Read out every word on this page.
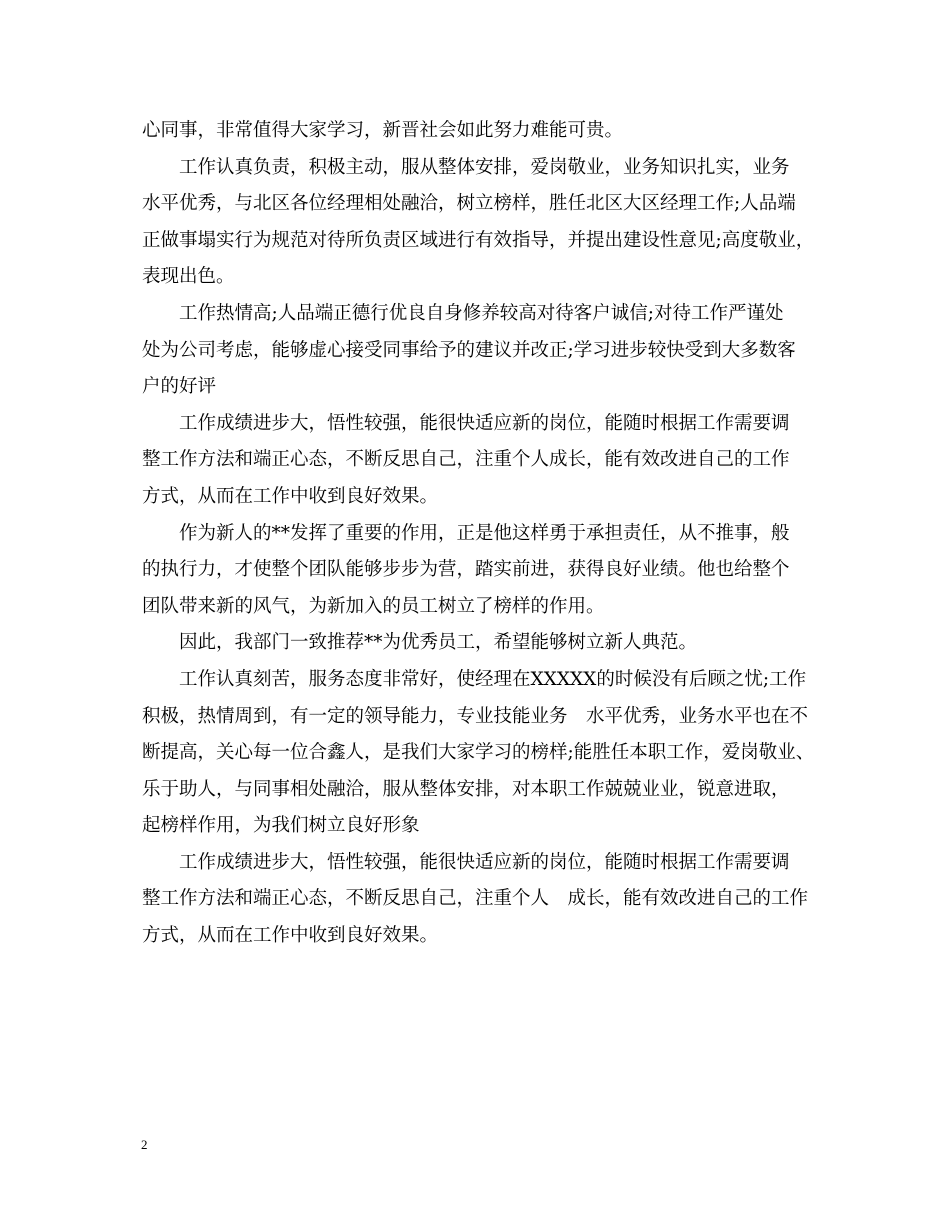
心同事，非常值得大家学习，新晋社会如此努力难能可贵。
　　工作认真负责，积极主动，服从整体安排，爱岗敬业，业务知识扎实，业务
水平优秀，与北区各位经理相处融洽，树立榜样，胜任北区大区经理工作;人品端
正做事塌实行为规范对待所负责区域进行有效指导，并提出建设性意见;高度敬业，
表现出色。
　　工作热情高;人品端正德行优良自身修养较高对待客户诚信;对待工作严谨处
处为公司考虑，能够虚心接受同事给予的建议并改正;学习进步较快受到大多数客
户的好评
　　工作成绩进步大，悟性较强，能很快适应新的岗位，能随时根据工作需要调
整工作方法和端正心态，不断反思自己，注重个人成长，能有效改进自己的工作
方式，从而在工作中收到良好效果。
　　作为新人的**发挥了重要的作用，正是他这样勇于承担责任，从不推事，般
的执行力，才使整个团队能够步步为营，踏实前进，获得良好业绩。他也给整个
团队带来新的风气，为新加入的员工树立了榜样的作用。
　　因此，我部门一致推荐**为优秀员工，希望能够树立新人典范。
　　工作认真刻苦，服务态度非常好，使经理在XXXXX的时候没有后顾之忧;工作
积极，热情周到，有一定的领导能力，专业技能业务　水平优秀，业务水平也在不
断提高，关心每一位合鑫人，是我们大家学习的榜样;能胜任本职工作，爱岗敬业、
乐于助人，与同事相处融洽，服从整体安排，对本职工作兢兢业业，锐意进取，
起榜样作用，为我们树立良好形象
　　工作成绩进步大，悟性较强，能很快适应新的岗位，能随时根据工作需要调
整工作方法和端正心态，不断反思自己，注重个人　成长，能有效改进自己的工作
方式，从而在工作中收到良好效果。
2
